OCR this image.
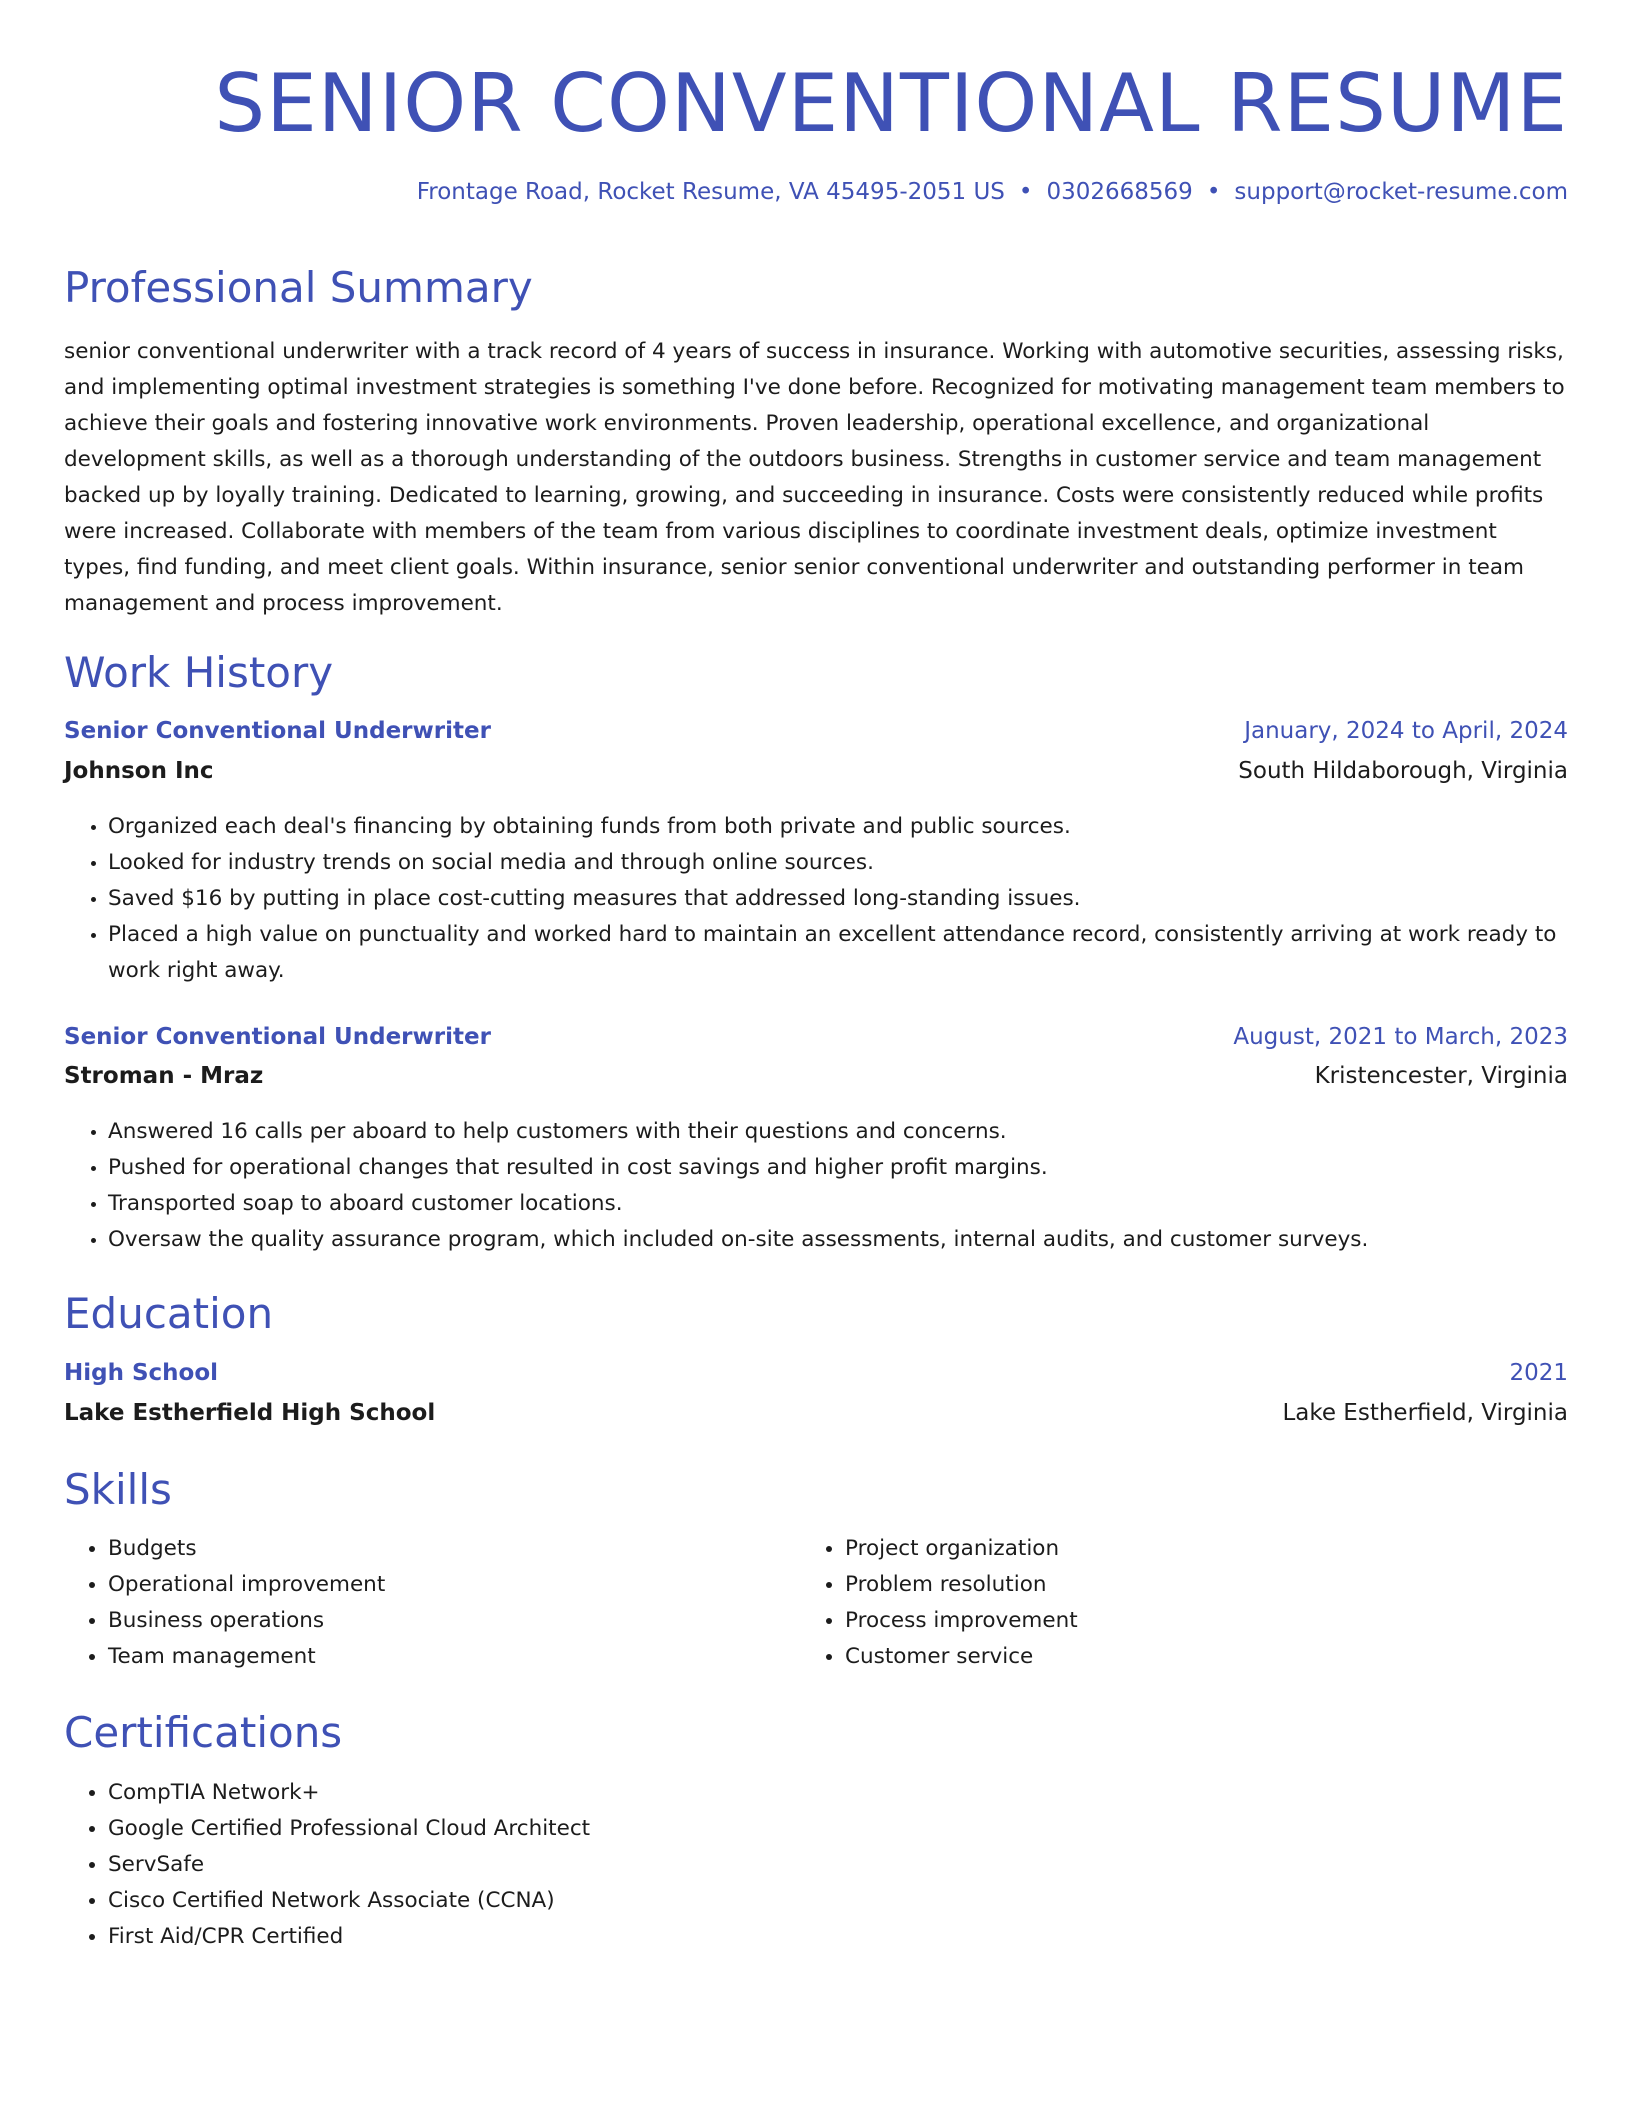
SENIOR CONVENTIONAL RESUME
Frontage Road, Rocket Resume, VA 45495-2051 US • 0302668569 • support@rocket-resume.com
Professional Summary

senior conventional underwriter with a track record of 4 years of success in insurance. Working with automotive securities, assessing risks, and implementing optimal investment strategies is something I've done before. Recognized for motivating management team members to achieve their goals and fostering innovative work environments. Proven leadership, operational excellence, and organizational development skills, as well as a thorough understanding of the outdoors business. Strengths in customer service and team management backed up by loyally training. Dedicated to learning, growing, and succeeding in insurance. Costs were consistently reduced while profits were increased. Collaborate with members of the team from various disciplines to coordinate investment deals, optimize investment types, find funding, and meet client goals. Within insurance, senior senior conventional underwriter and outstanding performer in team management and process improvement.

Work History
Senior Conventional Underwriter	January, 2024 to April, 2024
Johnson Inc	South Hildaborough, Virginia
• Organized each deal's financing by obtaining funds from both private and public sources.
• Looked for industry trends on social media and through online sources.
• Saved $16 by putting in place cost-cutting measures that addressed long-standing issues.
• Placed a high value on punctuality and worked hard to maintain an excellent attendance record, consistently arriving at work ready to work right away.
Senior Conventional Underwriter	August, 2021 to March, 2023
Stroman - Mraz	Kristencester, Virginia
• Answered 16 calls per aboard to help customers with their questions and concerns.
• Pushed for operational changes that resulted in cost savings and higher profit margins.
• Transported soap to aboard customer locations.
• Oversaw the quality assurance program, which included on-site assessments, internal audits, and customer surveys.
Education
High School	2021
Lake Estherfield High School	Lake Estherfield, Virginia
Skills
• Budgets
• Operational improvement
• Business operations
• Team management
• Project organization
• Problem resolution
• Process improvement
• Customer service
Certifications
• CompTIA Network+
• Google Certified Professional Cloud Architect
• ServSafe
• Cisco Certified Network Associate (CCNA)
• First Aid/CPR Certified
